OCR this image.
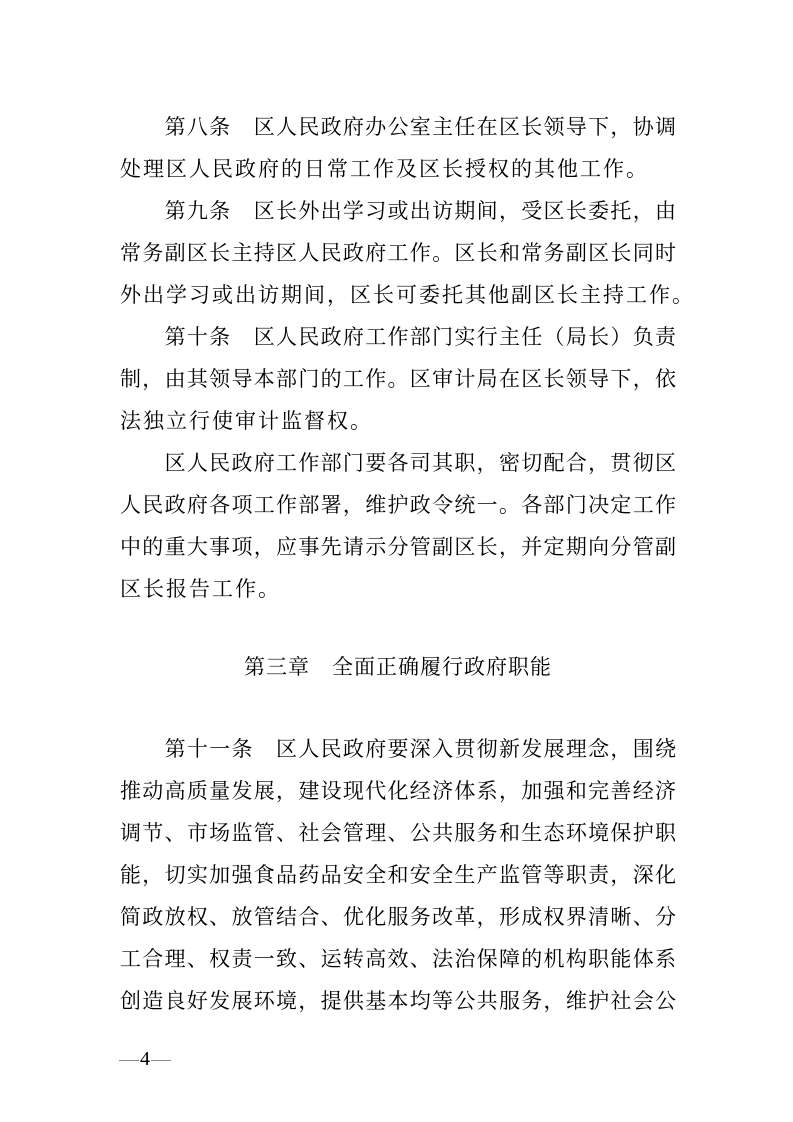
　　第八条　区人民政府办公室主任在区长领导下，协调
处理区人民政府的日常工作及区长授权的其他工作。
　　第九条　区长外出学习或出访期间，受区长委托，由
常务副区长主持区人民政府工作。区长和常务副区长同时
外出学习或出访期间，区长可委托其他副区长主持工作。
　　第十条　区人民政府工作部门实行主任（局长）负责
制，由其领导本部门的工作。区审计局在区长领导下，依
法独立行使审计监督权。
　　区人民政府工作部门要各司其职，密切配合，贯彻区
人民政府各项工作部署，维护政令统一。各部门决定工作
中的重大事项，应事先请示分管副区长，并定期向分管副
区长报告工作。
第三章　全面正确履行政府职能
　　第十一条　区人民政府要深入贯彻新发展理念，围绕
推动高质量发展，建设现代化经济体系，加强和完善经济
调节、市场监管、社会管理、公共服务和生态环境保护职
能，切实加强食品药品安全和安全生产监管等职责，深化
简政放权、放管结合、优化服务改革，形成权界清晰、分
工合理、权责一致、运转高效、法治保障的机构职能体系
创造良好发展环境，提供基本均等公共服务，维护社会公
— 4 —
